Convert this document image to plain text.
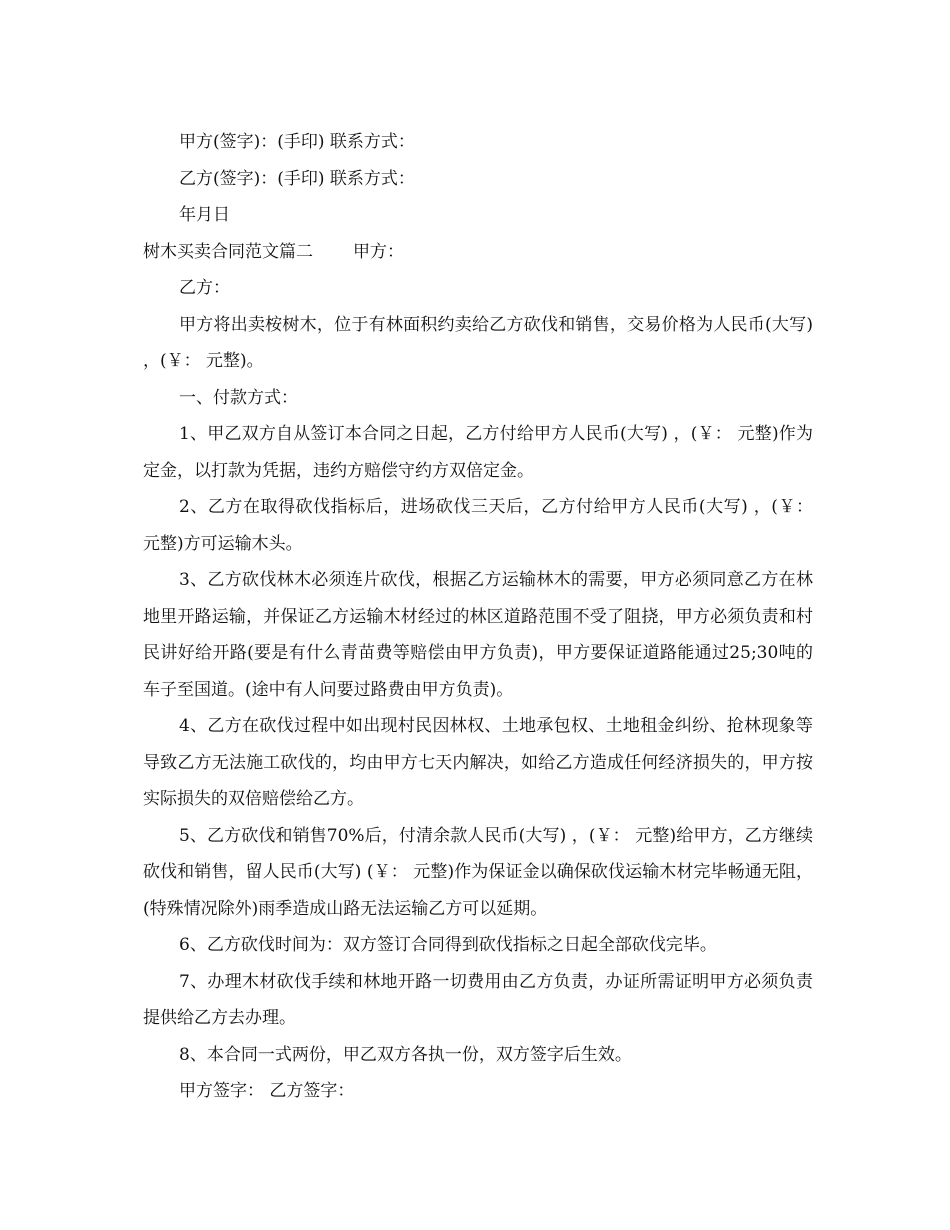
甲方(签字)：(手印) 联系方式：

乙方(签字)：(手印) 联系方式：

年月日

树木买卖合同范文篇二 甲方：

乙方：

甲方将出卖桉树木，位于有林面积约卖给乙方砍伐和销售，交易价格为人民币(大写) ，(￥： 元整)。

一、付款方式：

1、甲乙双方自从签订本合同之日起，乙方付给甲方人民币(大写) ，(￥： 元整)作为定金，以打款为凭据，违约方赔偿守约方双倍定金。

2、乙方在取得砍伐指标后，进场砍伐三天后，乙方付给甲方人民币(大写) ，(￥： 元整)方可运输木头。

3、乙方砍伐林木必须连片砍伐，根据乙方运输林木的需要，甲方必须同意乙方在林地里开路运输，并保证乙方运输木材经过的林区道路范围不受了阻挠，甲方必须负责和村民讲好给开路(要是有什么青苗费等赔偿由甲方负责)，甲方要保证道路能通过25;30吨的车子至国道。(途中有人问要过路费由甲方负责)。

4、乙方在砍伐过程中如出现村民因林权、土地承包权、土地租金纠纷、抢林现象等导致乙方无法施工砍伐的，均由甲方七天内解决，如给乙方造成任何经济损失的，甲方按实际损失的双倍赔偿给乙方。

5、乙方砍伐和销售70%后，付清余款人民币(大写) ，(￥： 元整)给甲方，乙方继续砍伐和销售，留人民币(大写) (￥： 元整)作为保证金以确保砍伐运输木材完毕畅通无阻，(特殊情况除外)雨季造成山路无法运输乙方可以延期。

6、乙方砍伐时间为：双方签订合同得到砍伐指标之日起全部砍伐完毕。

7、办理木材砍伐手续和林地开路一切费用由乙方负责，办证所需证明甲方必须负责提供给乙方去办理。

8、本合同一式两份，甲乙双方各执一份，双方签字后生效。

甲方签字： 乙方签字：
